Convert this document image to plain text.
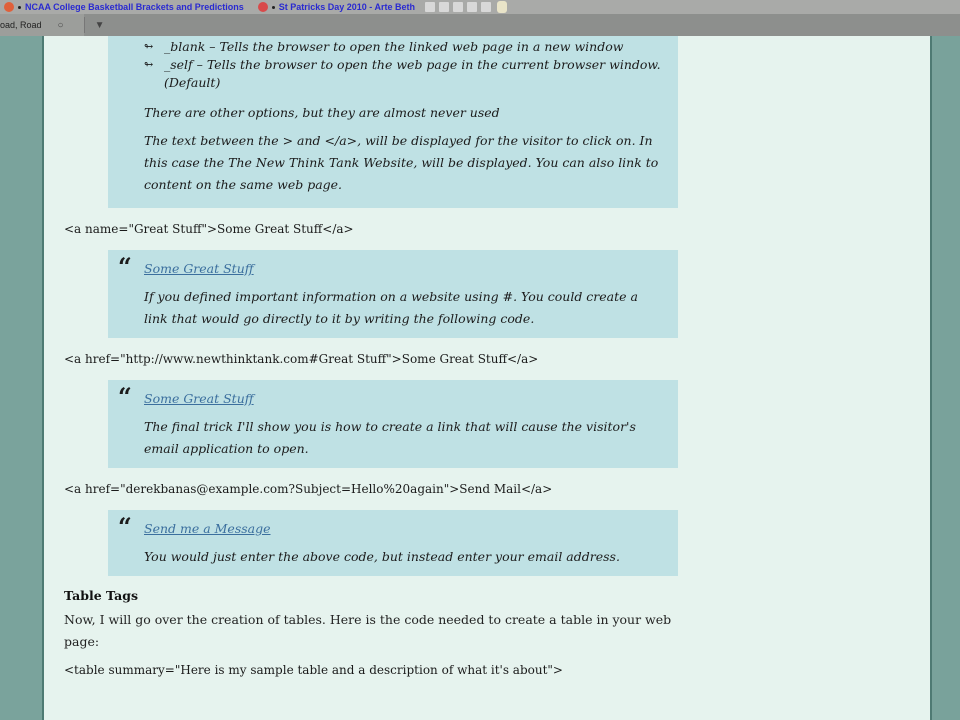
NCAA College Basketball Brackets and Predictions	St Patricks Day 2010 - Arte Beth
oad, Road ○	▼
↬ _blank – Tells the browser to open the linked web page in a new window
↬ _self – Tells the browser to open the web page in the current browser window. (Default)

There are other options, but they are almost never used

The text between the > and </a>, will be displayed for the visitor to click on. In this case the The New Think Tank Website, will be displayed. You can also link to content on the same web page.

<a name="Great Stuff">Some Great Stuff</a>
“ Some Great Stuff

If you defined important information on a website using #. You could create a link that would go directly to it by writing the following code.

<a href="http://www.newthinktank.com#Great Stuff">Some Great Stuff</a>
“ Some Great Stuff

The final trick I'll show you is how to create a link that will cause the visitor's email application to open.

<a href="derekbanas@example.com?Subject=Hello%20again">Send Mail</a>
“ Send me a Message

You would just enter the above code, but instead enter your email address.

Table Tags

Now, I will go over the creation of tables. Here is the code needed to create a table in your web page:

<table summary="Here is my sample table and a description of what it's about">
